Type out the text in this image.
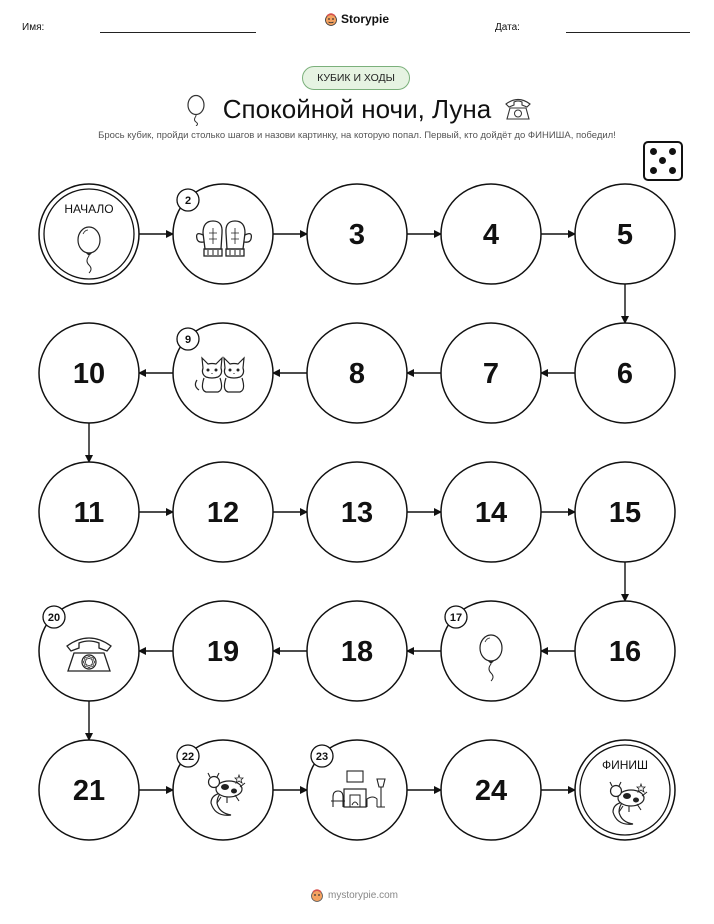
Имя:
Storypie
Дата:
КУБИК И ХОДЫ
Спокойной ночи, Луна
Брось кубик, пройди столько шагов и назови картинку, на которую попал. Первый, кто дойдёт до ФИНИША, победил!
НАЧАЛО
2
3	4	5
6
7
8
9
10
11	12	13	14	15
16
17
18
19
20
21
22	23
24
ФИНИШ
mystorypie.com
